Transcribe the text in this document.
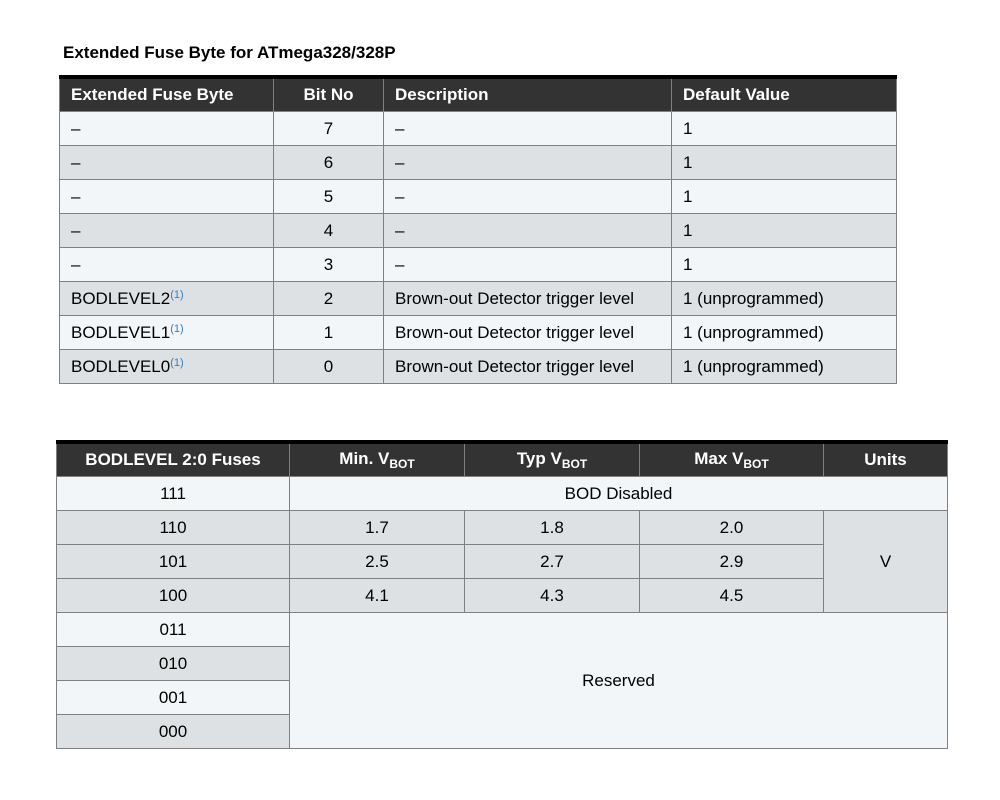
Extended Fuse Byte for ATmega328/328P
Extended Fuse Byte	Bit No	Description	Default Value
–	7	–	1
–	6	–	1
–	5	–	1
–	4	–	1
–	3	–	1
BODLEVEL2$^{(1)}$	2	Brown-out Detector trigger level	1 (unprogrammed)
BODLEVEL1$^{(1)}$	1	Brown-out Detector trigger level	1 (unprogrammed)
BODLEVEL0$^{(1)}$	0	Brown-out Detector trigger level	1 (unprogrammed)
BODLEVEL 2:0 Fuses	Min. $V_{BOT}$	Typ $V_{BOT}$	Max $V_{BOT}$	Units
111	BOD Disabled			
110	1.7	1.8	2.0	V
101	2.5	2.7	2.9	
100	4.1	4.3	4.5	
011	Reserved			
010				
001				
000				
